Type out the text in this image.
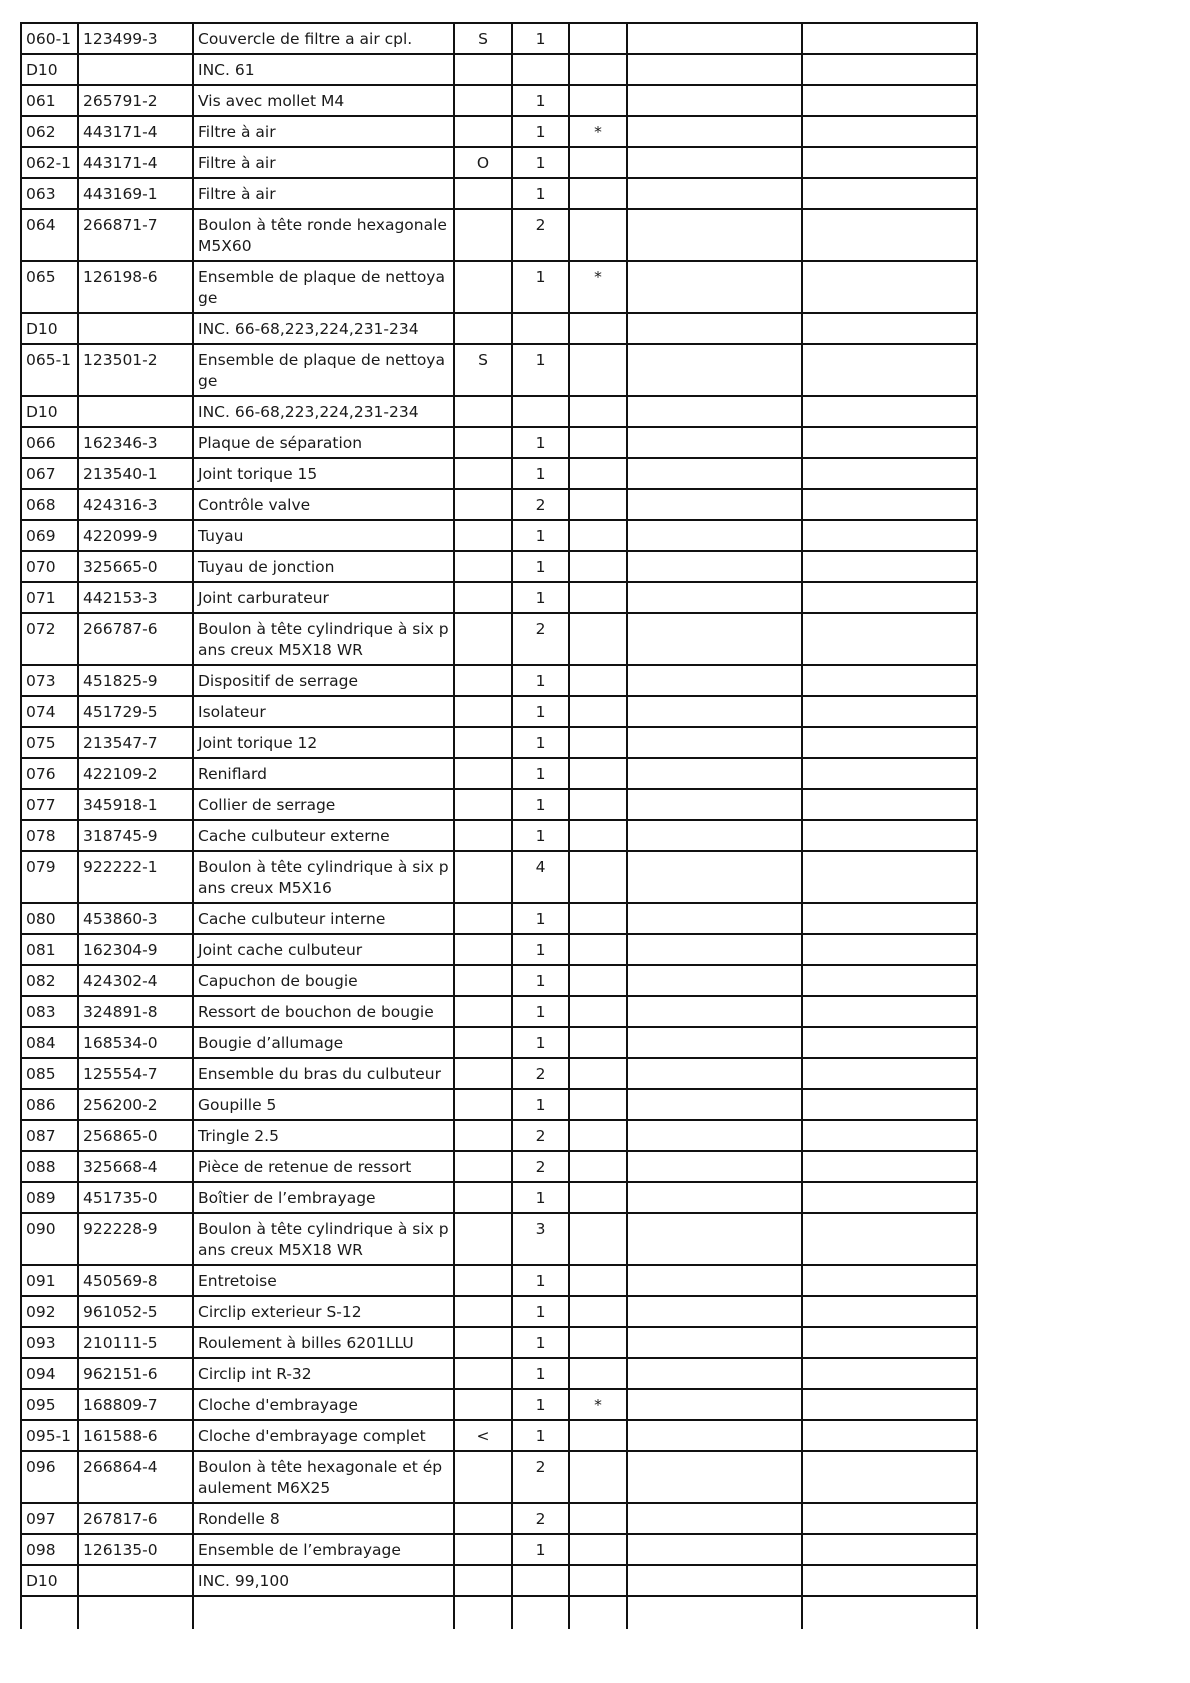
060-1	123499-3	Couvercle de filtre a air cpl.	S	1			
D10		INC. 61					
061	265791-2	Vis avec mollet M4		1			
062	443171-4	Filtre à air		1	*		
062-1	443171-4	Filtre à air	O	1			
063	443169-1	Filtre à air		1			
064	266871-7	Boulon à tête ronde hexagonale M5X60		2			
065	126198-6	Ensemble de plaque de nettoyage		1	*		
D10		INC. 66-68,223,224,231-234					
065-1	123501-2	Ensemble de plaque de nettoyage	S	1			
D10		INC. 66-68,223,224,231-234					
066	162346-3	Plaque de séparation		1			
067	213540-1	Joint torique 15		1			
068	424316-3	Contrôle valve		2			
069	422099-9	Tuyau		1			
070	325665-0	Tuyau de jonction		1			
071	442153-3	Joint carburateur		1			
072	266787-6	Boulon à tête cylindrique à six pans creux M5X18 WR		2			
073	451825-9	Dispositif de serrage		1			
074	451729-5	Isolateur		1			
075	213547-7	Joint torique 12		1			
076	422109-2	Reniflard		1			
077	345918-1	Collier de serrage		1			
078	318745-9	Cache culbuteur externe		1			
079	922222-1	Boulon à tête cylindrique à six pans creux M5X16		4			
080	453860-3	Cache culbuteur interne		1			
081	162304-9	Joint cache culbuteur		1			
082	424302-4	Capuchon de bougie		1			
083	324891-8	Ressort de bouchon de bougie		1			
084	168534-0	Bougie d’allumage		1			
085	125554-7	Ensemble du bras du culbuteur		2			
086	256200-2	Goupille 5		1			
087	256865-0	Tringle 2.5		2			
088	325668-4	Pièce de retenue de ressort		2			
089	451735-0	Boîtier de l’embrayage		1			
090	922228-9	Boulon à tête cylindrique à six pans creux M5X18 WR		3			
091	450569-8	Entretoise		1			
092	961052-5	Circlip exterieur S-12		1			
093	210111-5	Roulement à billes 6201LLU		1			
094	962151-6	Circlip int R-32		1			
095	168809-7	Cloche d'embrayage		1	*		
095-1	161588-6	Cloche d'embrayage complet	<	1			
096	266864-4	Boulon à tête hexagonale et épaulement M6X25		2			
097	267817-6	Rondelle 8		2			
098	126135-0	Ensemble de l’embrayage		1			
D10		INC. 99,100					
